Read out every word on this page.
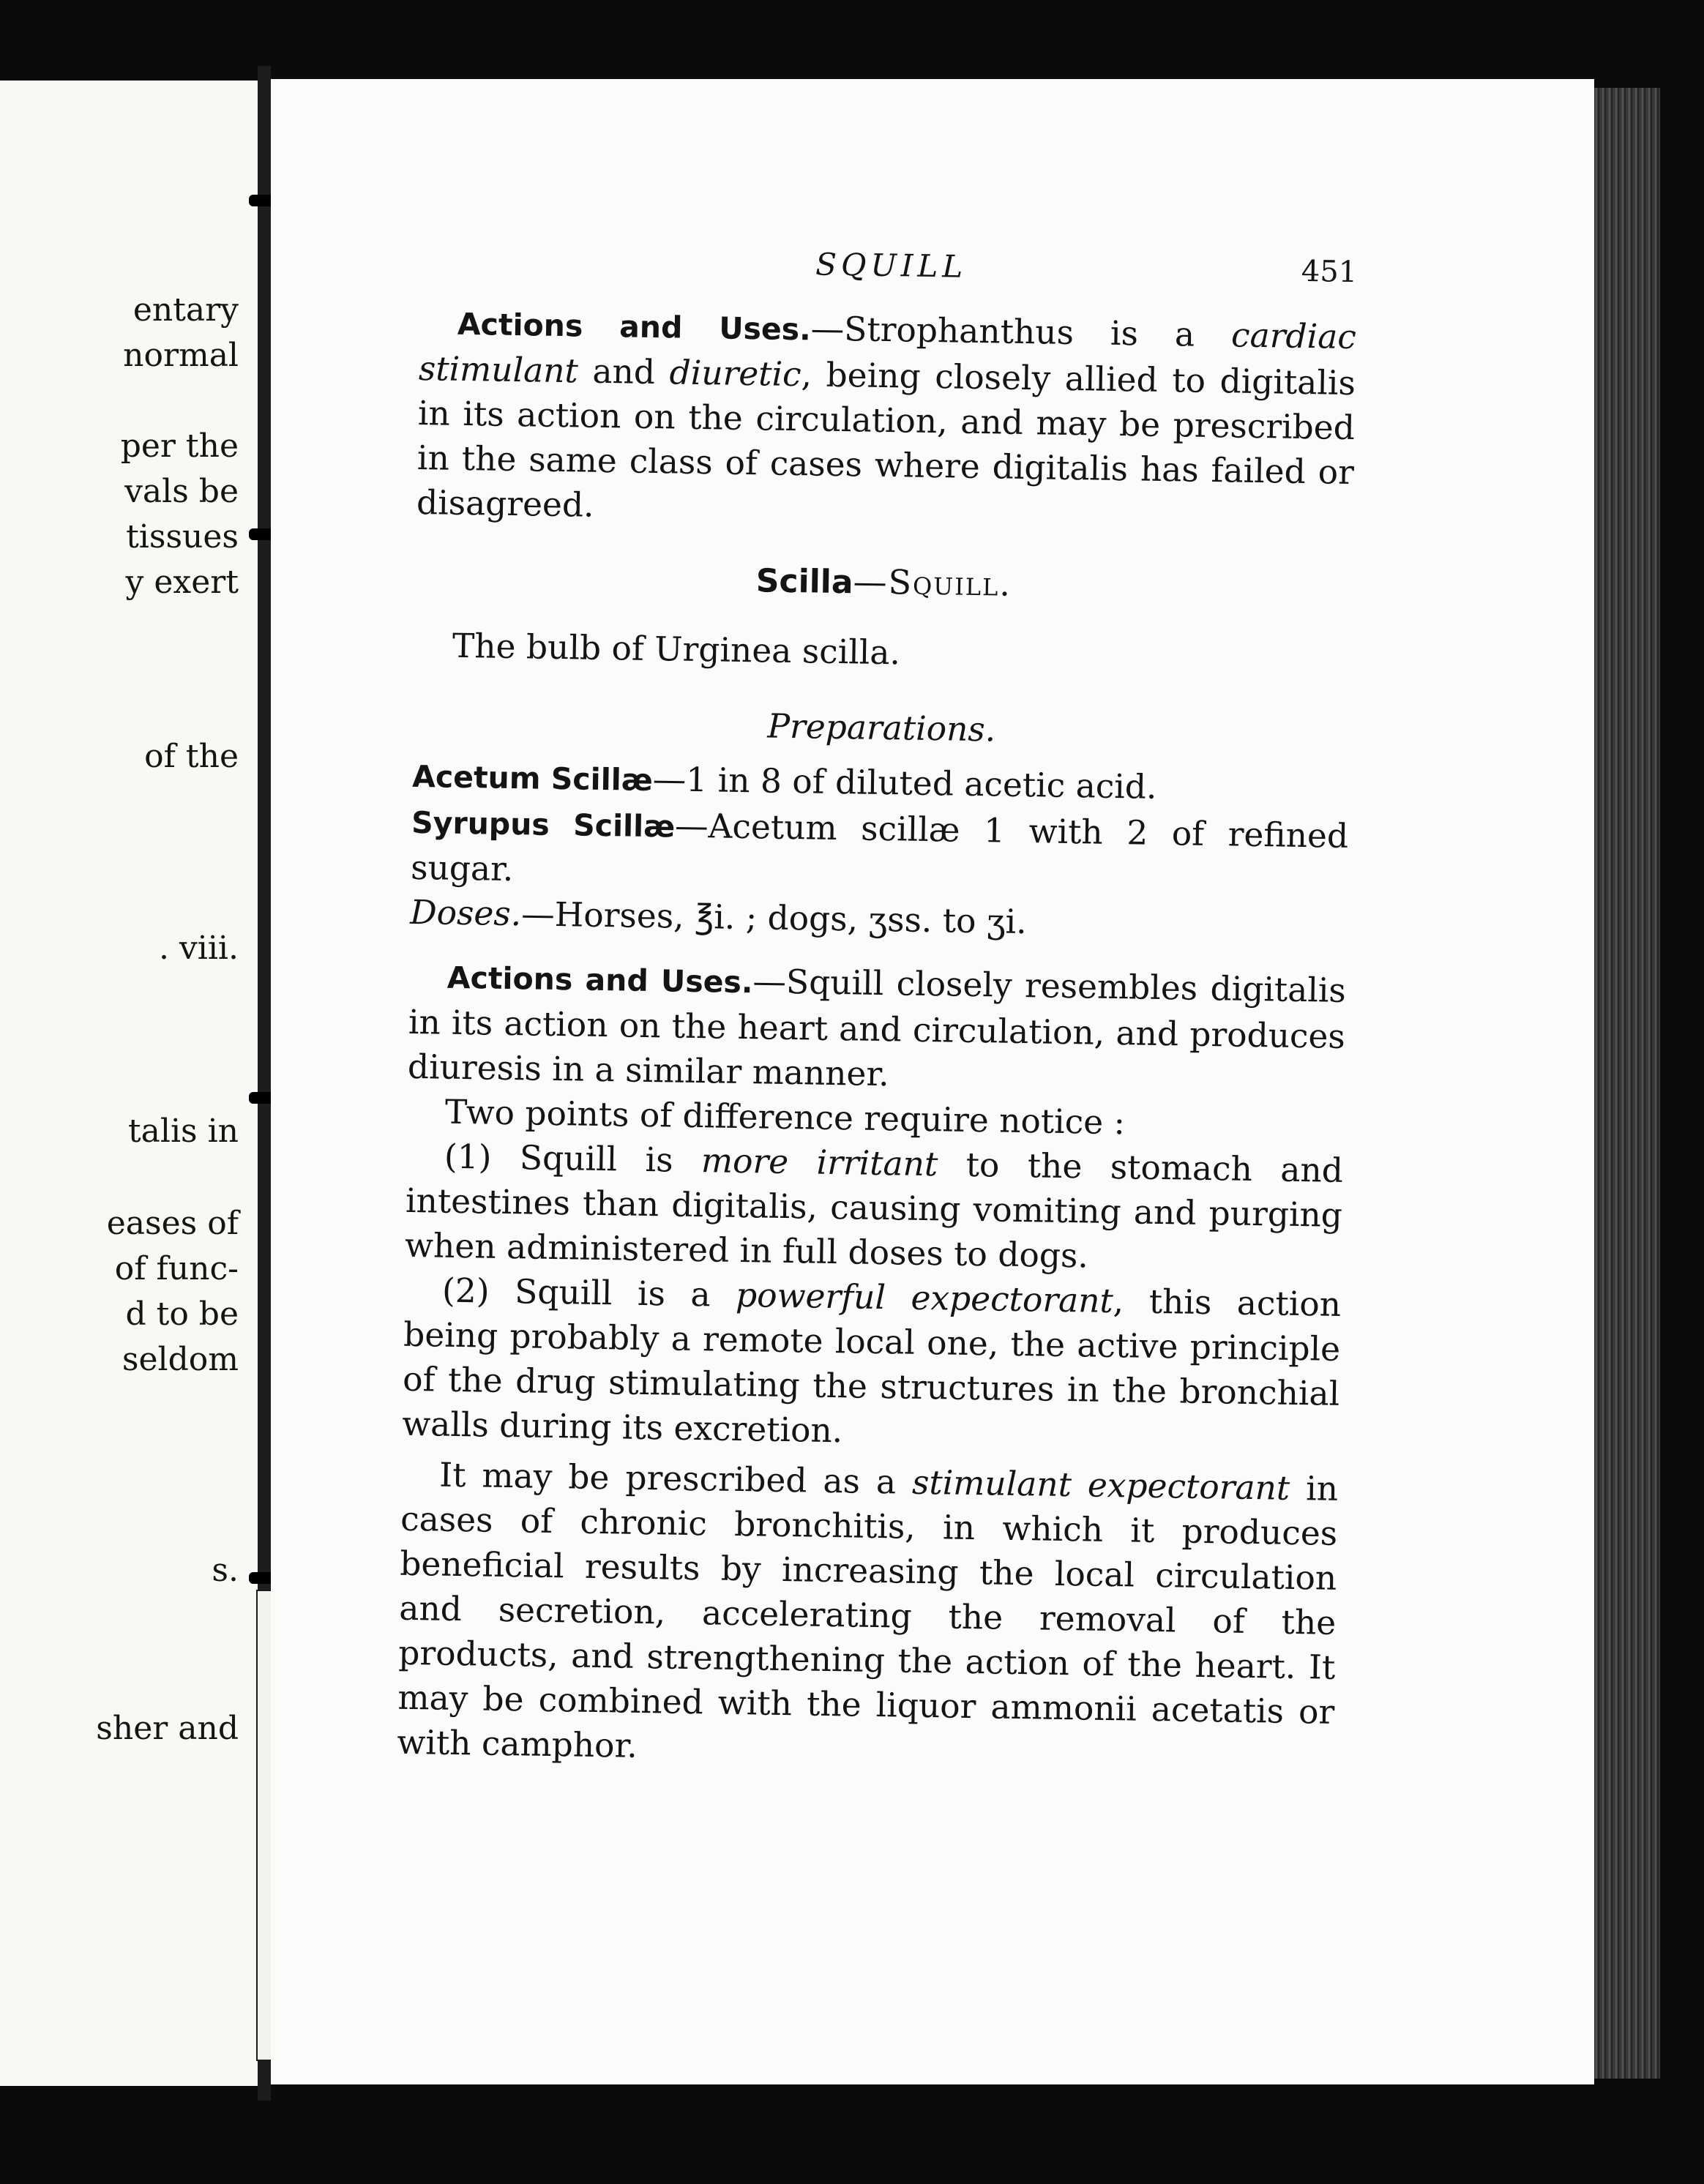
entary
normal
per the
vals be
tissues
y exert
of the
. viii.
talis in
eases of
of func-
d to be
seldom
s.
sher and
SQUILL	451

Actions and Uses.—Strophanthus is a cardiac stimulant and diuretic, being closely allied to digitalis in its action on the circulation, and may be prescribed in the same class of cases where digitalis has failed or disagreed.

Scilla—Squill.

The bulb of Urginea scilla.

Preparations.

Acetum Scillæ—1 in 8 of diluted acetic acid.

Syrupus Scillæ—Acetum scillæ 1 with 2 of refined sugar.

Doses.—Horses, ℥i. ; dogs, ʒss. to ʒi.

Actions and Uses.—Squill closely resembles digitalis in its action on the heart and circulation, and produces diuresis in a similar manner.

Two points of difference require notice :

(1) Squill is more irritant to the stomach and intestines than digitalis, causing vomiting and purging when administered in full doses to dogs.

(2) Squill is a powerful expectorant, this action being probably a remote local one, the active principle of the drug stimulating the structures in the bronchial walls during its excretion.

It may be prescribed as a stimulant expectorant in cases of chronic bronchitis, in which it produces beneficial results by increasing the local circulation and secretion, accelerating the removal of the products, and strengthening the action of the heart. It may be combined with the liquor ammonii acetatis or with camphor.
